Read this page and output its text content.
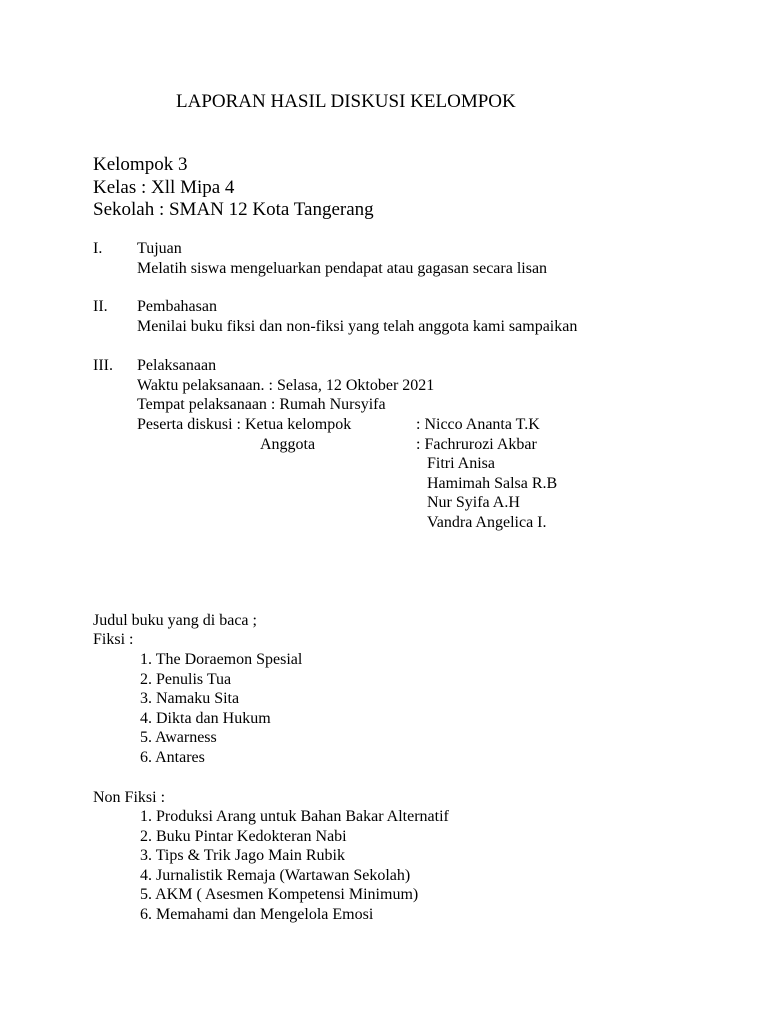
LAPORAN HASIL DISKUSI KELOMPOK
Kelompok 3
Kelas : Xll Mipa 4
Sekolah : SMAN 12 Kota Tangerang
I. Tujuan
Melatih siswa mengeluarkan pendapat atau gagasan secara lisan
II. Pembahasan
Menilai buku fiksi dan non-fiksi yang telah anggota kami sampaikan
III. Pelaksanaan
Waktu pelaksanaan. : Selasa, 12 Oktober 2021
Tempat pelaksanaan : Rumah Nursyifa
Peserta diskusi : Ketua kelompok	: Nicco Ananta T.K
Anggota	: Fachrurozi Akbar
Fitri Anisa
Hamimah Salsa R.B
Nur Syifa A.H
Vandra Angelica I.
Judul buku yang di baca ;
Fiksi :
1. The Doraemon Spesial
2. Penulis Tua
3. Namaku Sita
4. Dikta dan Hukum
5. Awarness
6. Antares
Non Fiksi :
1. Produksi Arang untuk Bahan Bakar Alternatif
2. Buku Pintar Kedokteran Nabi
3. Tips & Trik Jago Main Rubik
4. Jurnalistik Remaja (Wartawan Sekolah)
5. AKM ( Asesmen Kompetensi Minimum)
6. Memahami dan Mengelola Emosi
